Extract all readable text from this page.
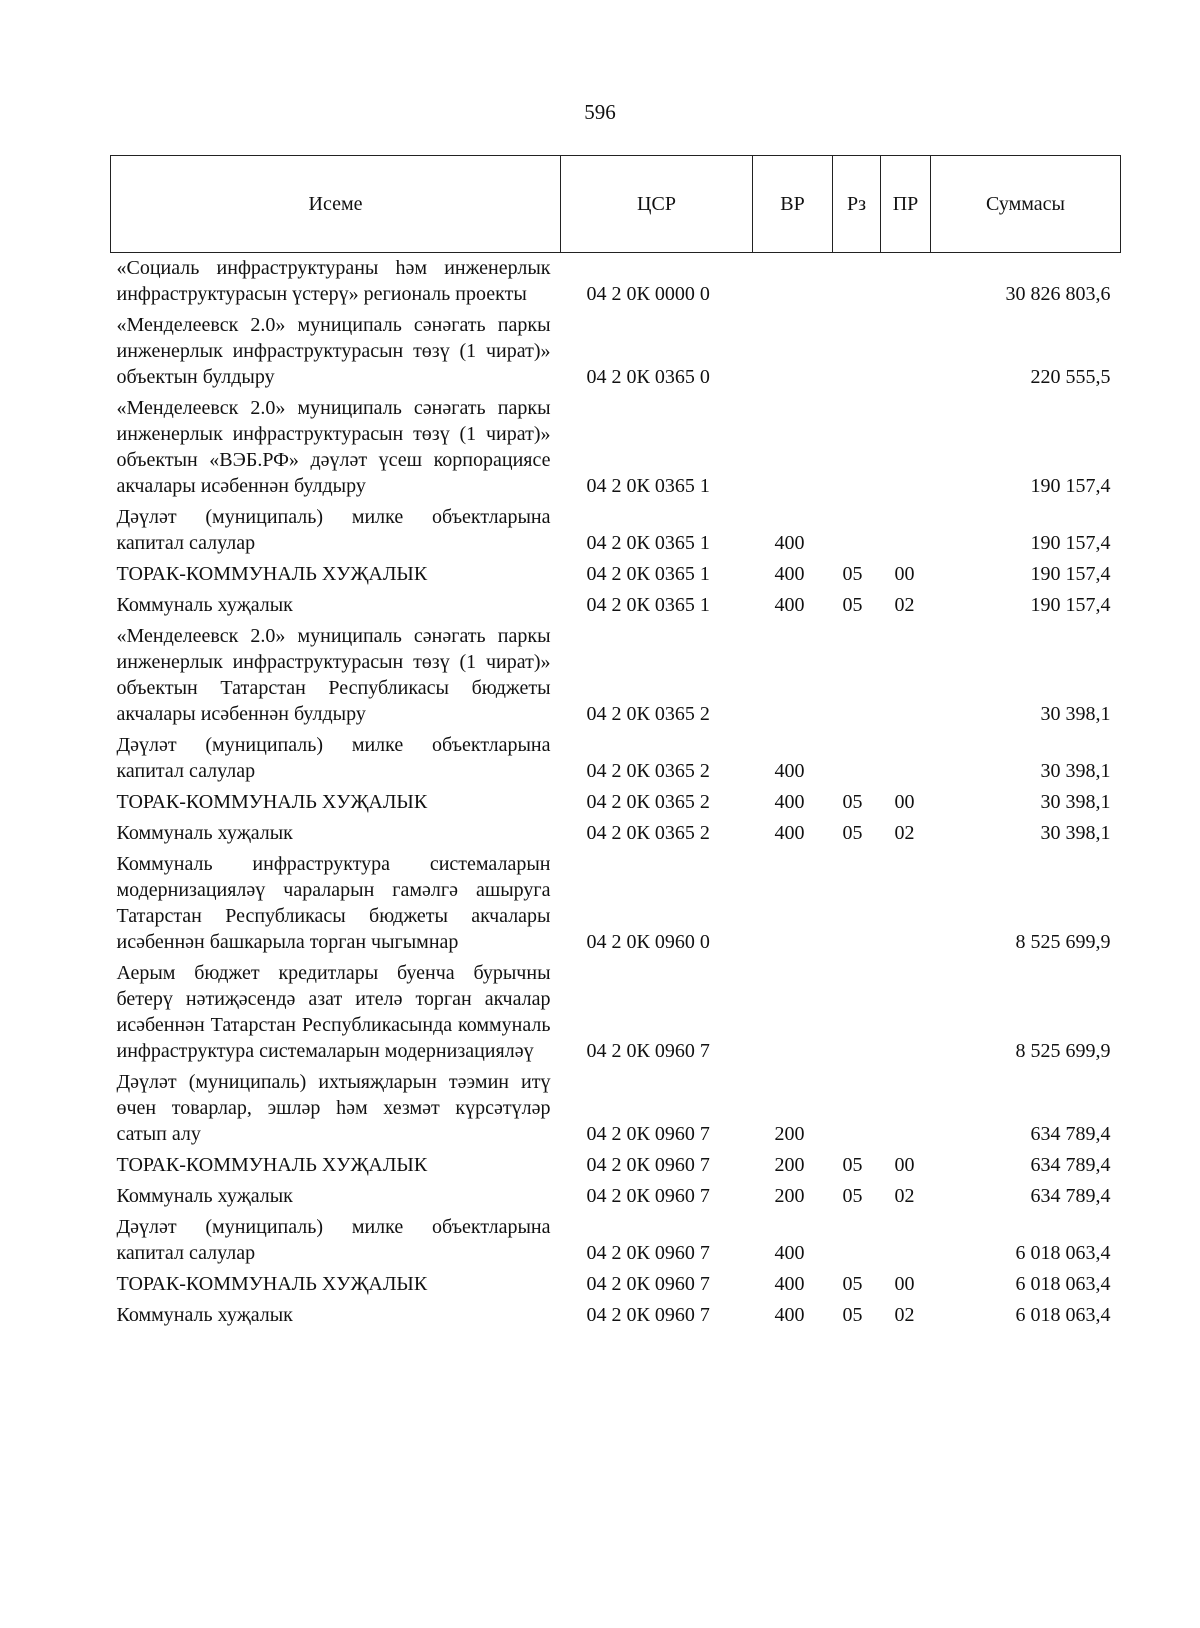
596
Исеме	ЦСР	ВР	Рз	ПР	Суммасы
«Социаль инфраструктураны һәм инженерлык инфраструктурасын үстерү» региональ проекты	04 2 0К 0000 0				30 826 803,6
«Менделеевск 2.0» муниципаль сәнәгать паркы инженерлык инфраструктурасын төзү (1 чират)» объектын булдыру	04 2 0К 0365 0				220 555,5
«Менделеевск 2.0» муниципаль сәнәгать паркы инженерлык инфраструктурасын төзү (1 чират)» объектын «ВЭБ.РФ» дәүләт үсеш корпорациясе акчалары исәбеннән булдыру	04 2 0К 0365 1				190 157,4
Дәүләт (муниципаль) милке объектларына капитал салулар	04 2 0К 0365 1	400			190 157,4
ТОРАК-КОММУНАЛЬ ХУҖАЛЫК	04 2 0К 0365 1	400	05	00	190 157,4
Коммуналь хуҗалык	04 2 0К 0365 1	400	05	02	190 157,4
«Менделеевск 2.0» муниципаль сәнәгать паркы инженерлык инфраструктурасын төзү (1 чират)» объектын Татарстан Республикасы бюджеты акчалары исәбеннән булдыру	04 2 0К 0365 2				30 398,1
Дәүләт (муниципаль) милке объектларына капитал салулар	04 2 0К 0365 2	400			30 398,1
ТОРАК-КОММУНАЛЬ ХУҖАЛЫК	04 2 0К 0365 2	400	05	00	30 398,1
Коммуналь хуҗалык	04 2 0К 0365 2	400	05	02	30 398,1
Коммуналь инфраструктура системаларын модернизацияләү чараларын гамәлгә ашыруга Татарстан Республикасы бюджеты акчалары исәбеннән башкарыла торган чыгымнар	04 2 0К 0960 0				8 525 699,9
Аерым бюджет кредитлары буенча бурычны бетерү нәтиҗәсендә азат ителә торган акчалар исәбеннән Татарстан Республикасында коммуналь инфраструктура системаларын модернизацияләү	04 2 0К 0960 7				8 525 699,9
Дәүләт (муниципаль) ихтыяҗларын тәэмин итү өчен товарлар, эшләр һәм хезмәт күрсәтүләр сатып алу	04 2 0К 0960 7	200			634 789,4
ТОРАК-КОММУНАЛЬ ХУҖАЛЫК	04 2 0К 0960 7	200	05	00	634 789,4
Коммуналь хуҗалык	04 2 0К 0960 7	200	05	02	634 789,4
Дәүләт (муниципаль) милке объектларына капитал салулар	04 2 0К 0960 7	400			6 018 063,4
ТОРАК-КОММУНАЛЬ ХУҖАЛЫК	04 2 0К 0960 7	400	05	00	6 018 063,4
Коммуналь хуҗалык	04 2 0К 0960 7	400	05	02	6 018 063,4
